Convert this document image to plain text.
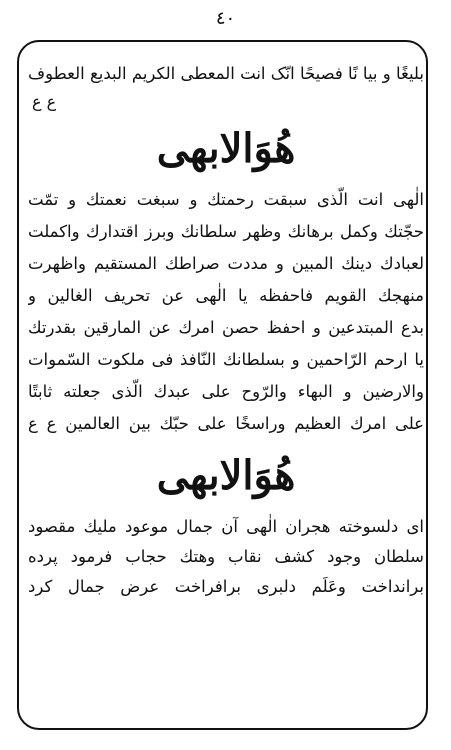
٤٠
بلیغًا و بیا نًا فصیحًا انّک انت المعطی الکریم البدیع العطوف
ع ع
هُوَالابهی
الٰهی انت الّذی سبقت رحمتك و سبغت نعمتك و تمّت
حجّتك وکمل برهانك وظهر سلطانك وبرز اقتدارك واکملت
لعبادك دینك المبین و مددت صراطك المستقیم واظهرت
منهجك القویم فاحفظه یا الٰهی عن تحریف الغالین و
بدع المبتدعین و احفظ حصن امرك عن المارقین بقدرتك
یا ارحم الرّاحمین و بسلطانك النّافذ فی ملکوت السّموات
والارضین و البهاء والرّوح علی عبدك الّذی جعلته ثابتًا
علی امرك العظیم وراسخًا علی حبّك بین العالمین ع ع
هُوَالابهی
ای دلسوخته هجران الٰهی آن جمال موعود ملیك مقصود
سلطان وجود کشف نقاب وهتك حجاب فرمود پرده
برانداخت وعَلَم دلبری برافراخت عرض جمال کرد
